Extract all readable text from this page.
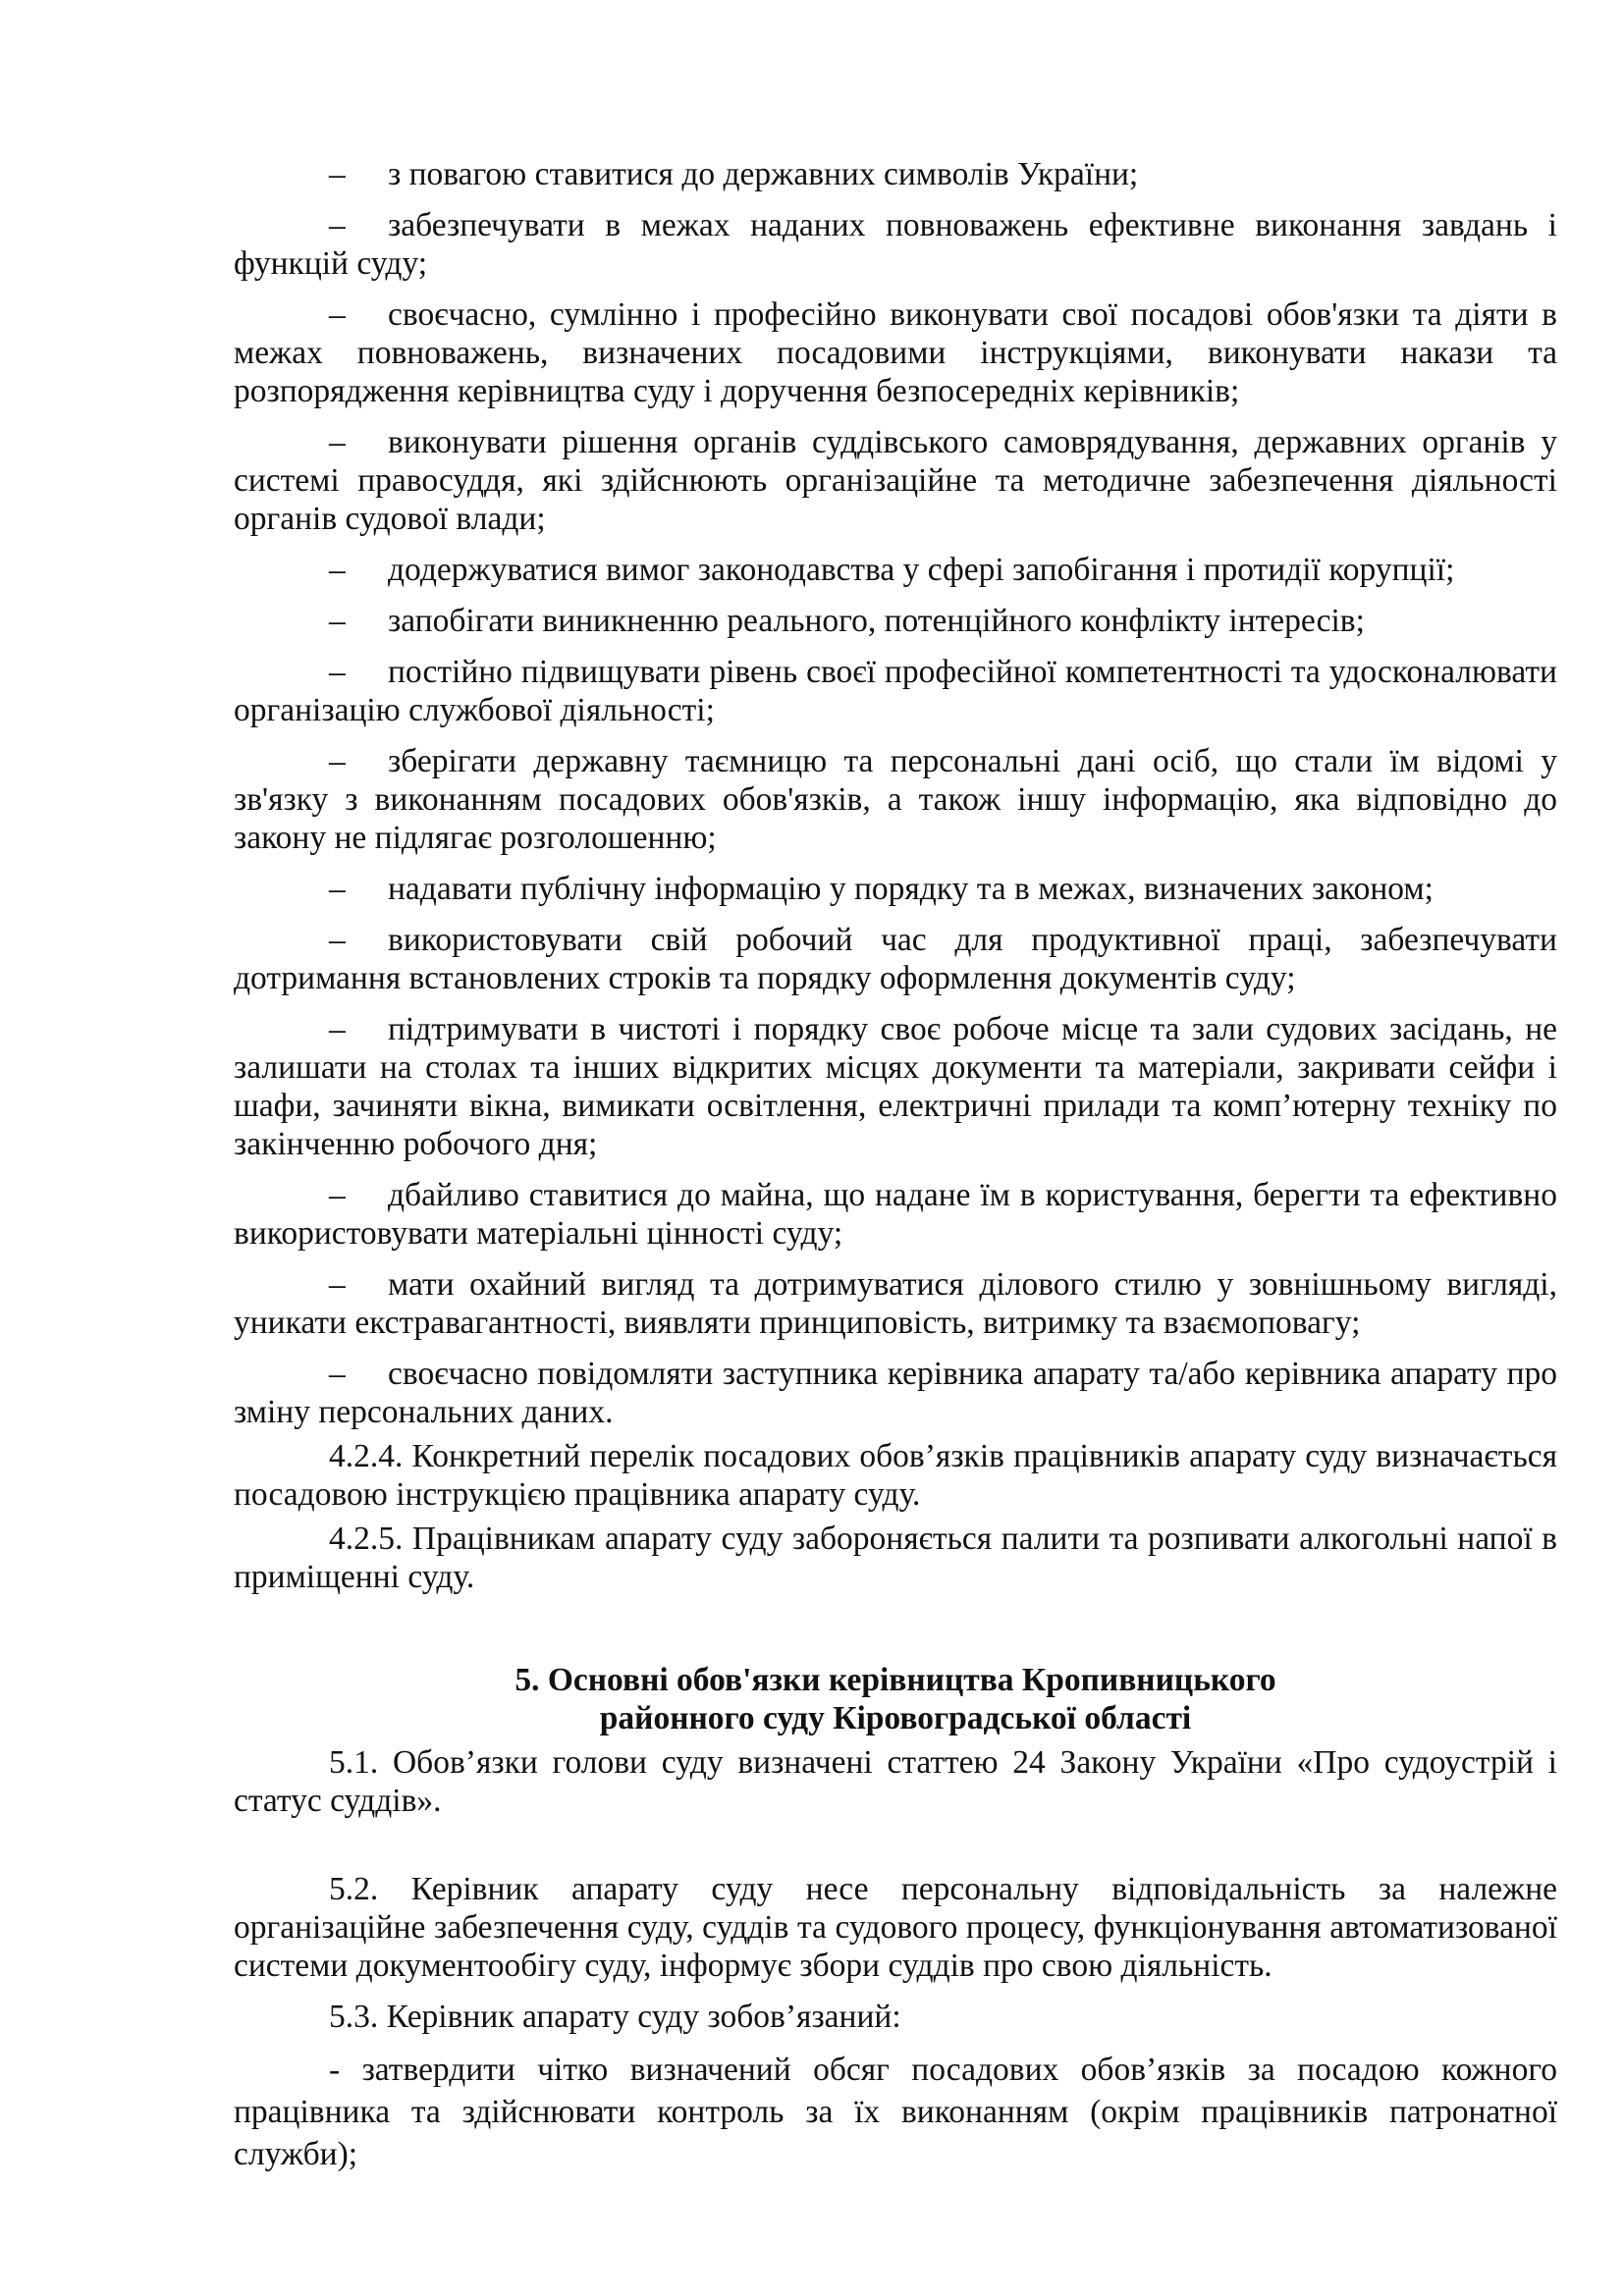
– з повагою ставитися до державних символів України;

– забезпечувати в межах наданих повноважень ефективне виконання завдань і функцій суду;

– своєчасно, сумлінно і професійно виконувати свої посадові обов'язки та діяти в межах повноважень, визначених посадовими інструкціями, виконувати накази та розпорядження керівництва суду і доручення безпосередніх керівників;

– виконувати рішення органів суддівського самоврядування, державних органів у системі правосуддя, які здійснюють організаційне та методичне забезпечення діяльності органів судової влади;

– додержуватися вимог законодавства у сфері запобігання і протидії корупції;

– запобігати виникненню реального, потенційного конфлікту інтересів;

– постійно підвищувати рівень своєї професійної компетентності та удосконалювати організацію службової діяльності;

– зберігати державну таємницю та персональні дані осіб, що стали їм відомі у зв'язку з виконанням посадових обов'язків, а також іншу інформацію, яка відповідно до закону не підлягає розголошенню;

– надавати публічну інформацію у порядку та в межах, визначених законом;

– використовувати свій робочий час для продуктивної праці, забезпечувати дотримання встановлених строків та порядку оформлення документів суду;

– підтримувати в чистоті і порядку своє робоче місце та зали судових засідань, не залишати на столах та інших відкритих місцях документи та матеріали, закривати сейфи і шафи, зачиняти вікна, вимикати освітлення, електричні прилади та комп’ютерну техніку по закінченню робочого дня;

– дбайливо ставитися до майна, що надане їм в користування, берегти та ефективно використовувати матеріальні цінності суду;

– мати охайний вигляд та дотримуватися ділового стилю у зовнішньому вигляді, уникати екстравагантності, виявляти принциповість, витримку та взаємоповагу;

– своєчасно повідомляти заступника керівника апарату та/або керівника апарату про зміну персональних даних.

4.2.4. Конкретний перелік посадових обов’язків працівників апарату суду визначається посадовою інструкцією працівника апарату суду.

4.2.5. Працівникам апарату суду забороняється палити та розпивати алкогольні напої в приміщенні суду.

5. Основні обов'язки керівництва Кропивницького
районного суду Кіровоградської області

5.1. Обов’язки голови суду визначені статтею 24 Закону України «Про судоустрій і статус суддів».

5.2. Керівник апарату суду несе персональну відповідальність за належне організаційне забезпечення суду, суддів та судового процесу, функціонування автоматизованої системи документообігу суду, інформує збори суддів про свою діяльність.

5.3. Керівник апарату суду зобов’язаний:

- затвердити чітко визначений обсяг посадових обов’язків за посадою кожного працівника та здійснювати контроль за їх виконанням (окрім працівників патронатної служби);
